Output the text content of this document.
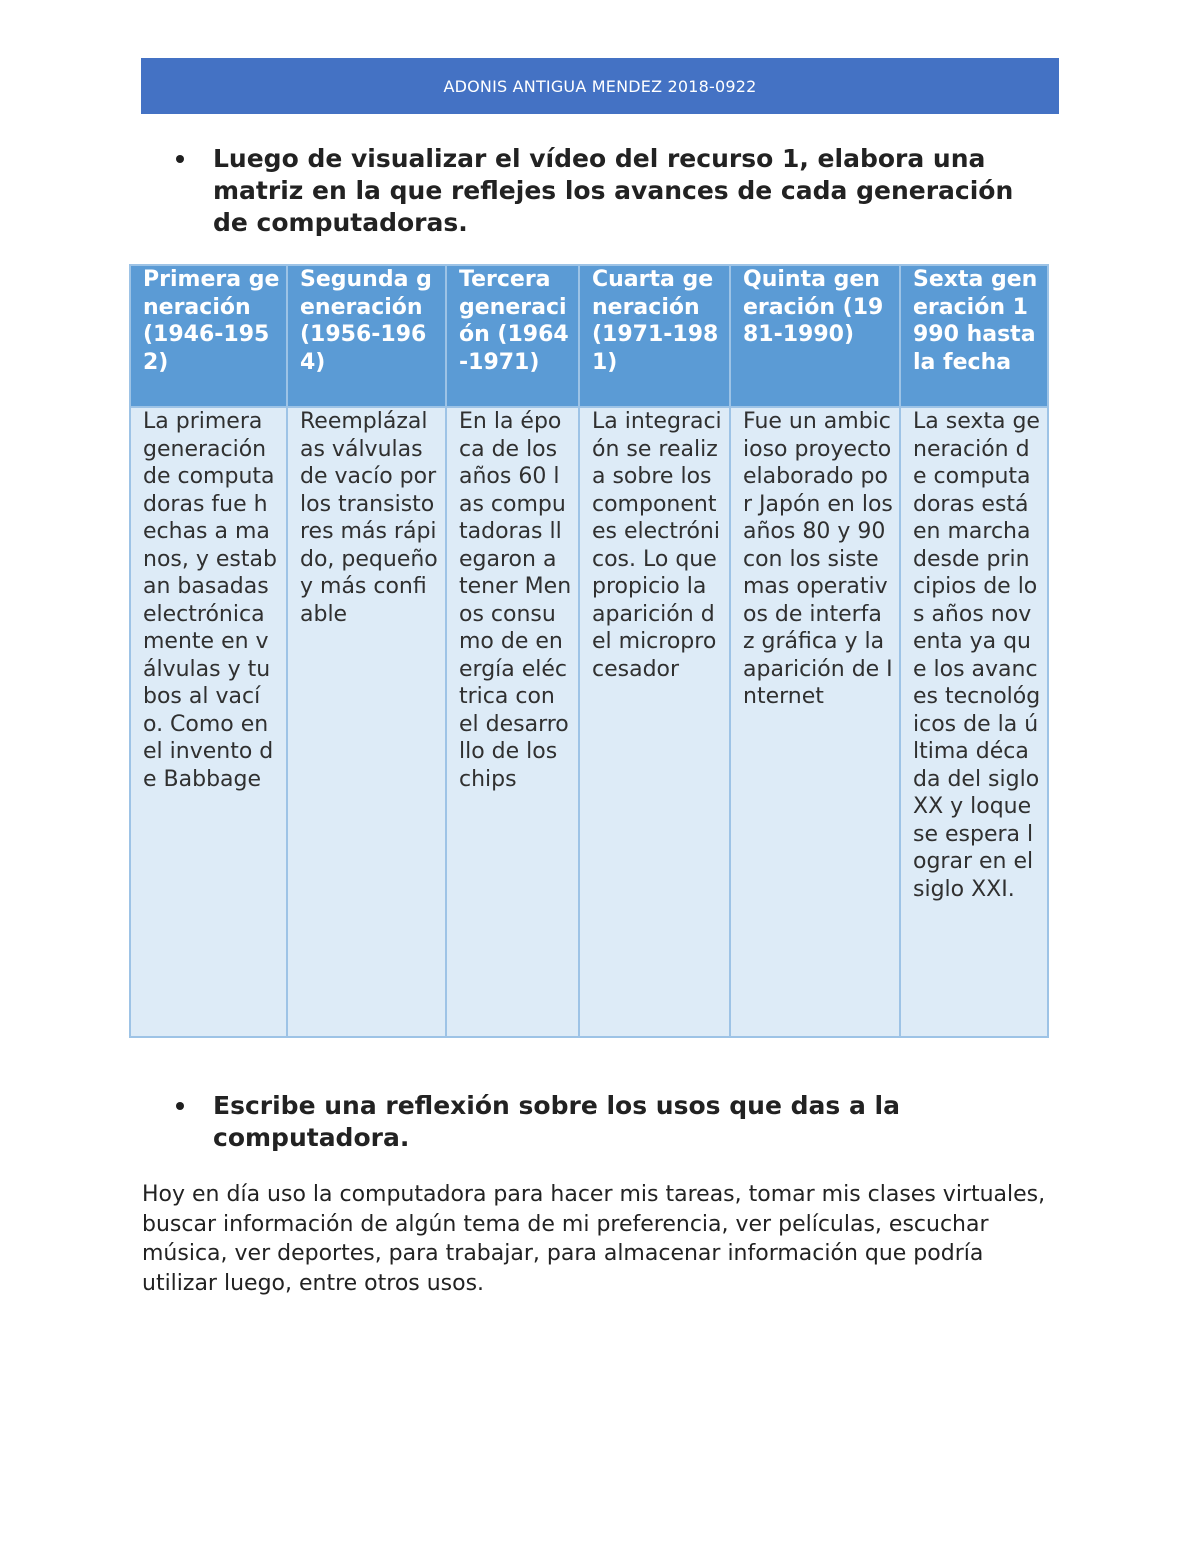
ADONIS ANTIGUA MENDEZ 2018-0922
Luego de visualizar el vídeo del recurso 1, elabora una matriz en la que reflejes los avances de cada generación de computadoras.
Primera generación (1946-1952)	Segunda generación (1956-1964)	Tercera generación (1964-1971)	Cuarta generación (1971-1981)	Quinta generación (1981-1990)	Sexta generación 1990 hasta la fecha
La primera generación de computadoras fue hechas a manos, y estaban basadas electrónicamente en válvulas y tubos al vacío. Como en el invento de Babbage	Reemplázalas válvulas de vacío por los transistores más rápido, pequeño y más confiable	En la época de los años 60 las computadoras llegaron a tener Menos consumo de energía eléctrica con el desarrollo de los chips	La integración se realiza sobre los componentes electrónicos. Lo que propicio la aparición del microprocesador	Fue un ambicioso proyecto elaborado por Japón en los años 80 y 90 con los sistemas operativos de interfaz gráfica y la aparición de Internet	La sexta generación de computadoras está en marcha desde principios de los años noventa ya que los avances tecnológicos de la última década del siglo XX y loque se espera lograr en el siglo XXI.
Escribe una reflexión sobre los usos que das a la computadora.
Hoy en día uso la computadora para hacer mis tareas, tomar mis clases virtuales, buscar información de algún tema de mi preferencia, ver películas, escuchar música, ver deportes, para trabajar, para almacenar información que podría utilizar luego, entre otros usos.
